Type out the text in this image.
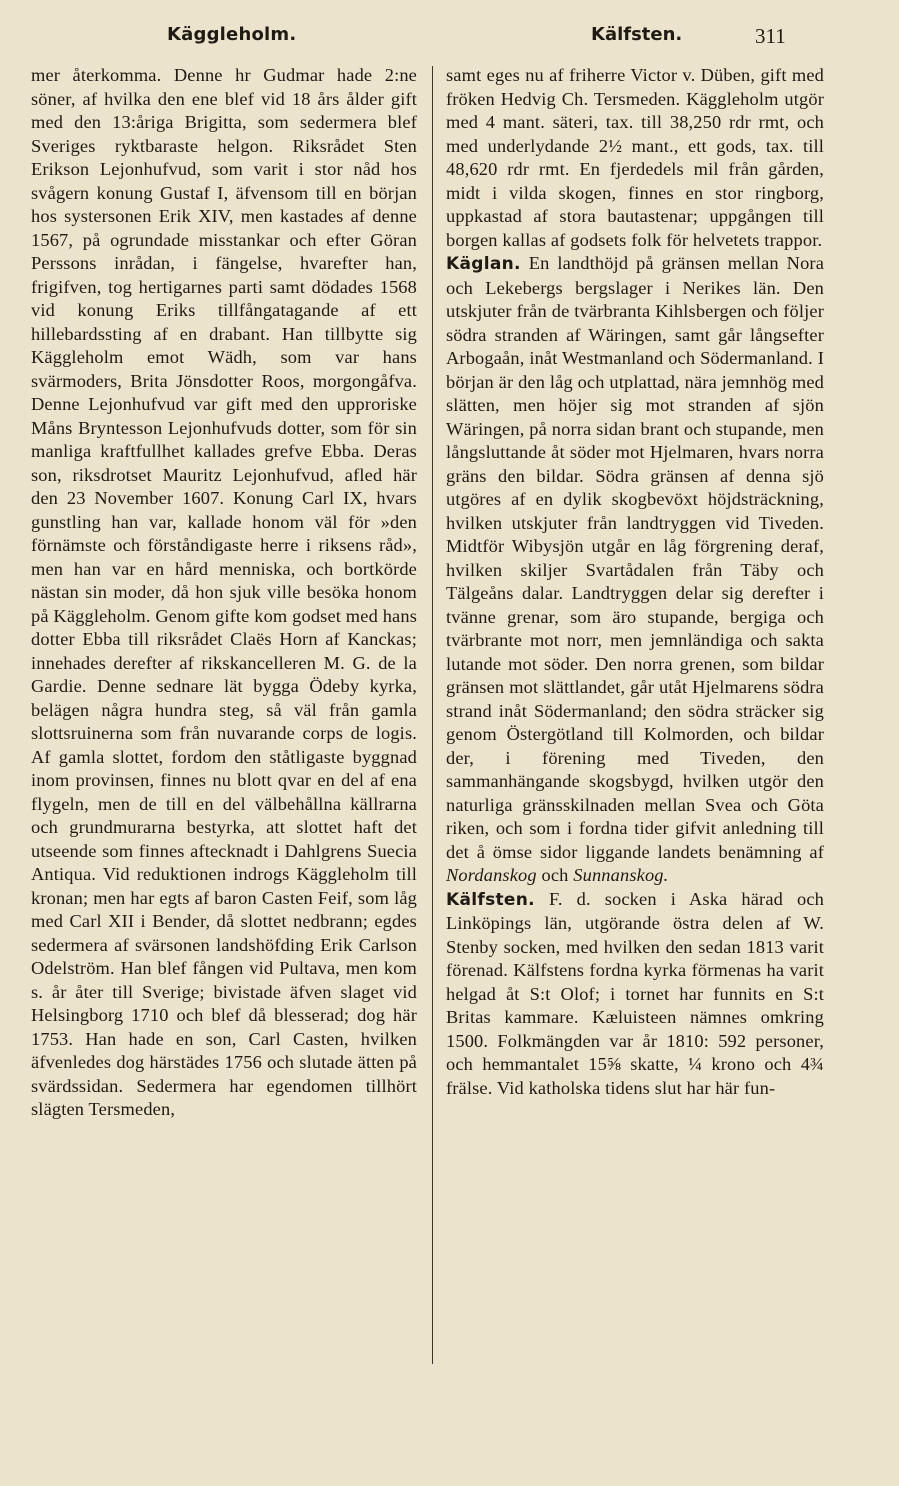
Käggleholm.	Kälfsten.	311

mer återkomma. Denne hr Gudmar hade 2:ne söner, af hvilka den ene blef vid 18 års ålder gift med den 13:åriga Brigitta, som sedermera blef Sveriges ryktbaraste helgon. Riksrådet Sten Erikson Lejonhufvud, som varit i stor nåd hos svågern konung Gustaf I, äfvensom till en början hos systersonen Erik XIV, men kastades af denne 1567, på ogrundade misstankar och efter Göran Perssons inrådan, i fängelse, hvarefter han, frigifven, tog hertigarnes parti samt dödades 1568 vid konung Eriks tillfångatagande af ett hillebardssting af en drabant. Han tillbytte sig Käggleholm emot Wädh, som var hans svärmoders, Brita Jönsdotter Roos, morgongåfva. Denne Lejonhufvud var gift med den upproriske Måns Bryntesson Lejonhufvuds dotter, som för sin manliga kraftfullhet kallades grefve Ebba. Deras son, riksdrotset Mauritz Lejonhufvud, afled här den 23 November 1607. Konung Carl IX, hvars gunstling han var, kallade honom väl för »den förnämste och förståndigaste herre i riksens råd», men han var en hård menniska, och bortkörde nästan sin moder, då hon sjuk ville besöka honom på Käggleholm. Genom gifte kom godset med hans dotter Ebba till riksrådet Claës Horn af Kanckas; innehades derefter af rikskancelleren M. G. de la Gardie. Denne sednare lät bygga Ödeby kyrka, belägen några hundra steg, så väl från gamla slottsruinerna som från nuvarande corps de logis. Af gamla slottet, fordom den ståtligaste byggnad inom provinsen, finnes nu blott qvar en del af ena flygeln, men de till en del välbehållna källrarna och grundmurarna bestyrka, att slottet haft det utseende som finnes aftecknadt i Dahlgrens Suecia Antiqua. Vid reduktionen indrogs Käggleholm till kronan; men har egts af baron Casten Feif, som låg med Carl XII i Bender, då slottet nedbrann; egdes sedermera af svärsonen landshöfding Erik Carlson Odelström. Han blef fången vid Pultava, men kom s. år åter till Sverige; bivistade äfven slaget vid Helsingborg 1710 och blef då blesserad; dog här 1753. Han hade en son, Carl Casten, hvilken äfvenledes dog härstädes 1756 och slutade ätten på svärdssidan. Sedermera har egendomen tillhört slägten Tersmeden,

samt eges nu af friherre Victor v. Düben, gift med fröken Hedvig Ch. Tersmeden. Käggleholm utgör med 4 mant. säteri, tax. till 38,250 rdr rmt, och med underlydande 2½ mant., ett gods, tax. till 48,620 rdr rmt. En fjerdedels mil från gården, midt i vilda skogen, finnes en stor ringborg, uppkastad af stora bautastenar; uppgången till borgen kallas af godsets folk för helvetets trappor.

Käglan. En landthöjd på gränsen mellan Nora och Lekebergs bergslager i Nerikes län. Den utskjuter från de tvärbranta Kihlsbergen och följer södra stranden af Wäringen, samt går långsefter Arbogaån, inåt Westmanland och Södermanland. I början är den låg och utplattad, nära jemnhög med slätten, men höjer sig mot stranden af sjön Wäringen, på norra sidan brant och stupande, men långsluttande åt söder mot Hjelmaren, hvars norra gräns den bildar. Södra gränsen af denna sjö utgöres af en dylik skogbevöxt höjdsträckning, hvilken utskjuter från landtryggen vid Tiveden. Midtför Wibysjön utgår en låg förgrening deraf, hvilken skiljer Svartådalen från Täby och Tälgeåns dalar. Landtryggen delar sig derefter i tvänne grenar, som äro stupande, bergiga och tvärbrante mot norr, men jemnländiga och sakta lutande mot söder. Den norra grenen, som bildar gränsen mot slättlandet, går utåt Hjelmarens södra strand inåt Södermanland; den södra sträcker sig genom Östergötland till Kolmorden, och bildar der, i förening med Tiveden, den sammanhängande skogsbygd, hvilken utgör den naturliga gränsskilnaden mellan Svea och Göta riken, och som i fordna tider gifvit anledning till det å ömse sidor liggande landets benämning af Nordanskog och Sunnanskog.

Kälfsten. F. d. socken i Aska härad och Linköpings län, utgörande östra delen af W. Stenby socken, med hvilken den sedan 1813 varit förenad. Kälfstens fordna kyrka förmenas ha varit helgad åt S:t Olof; i tornet har funnits en S:t Britas kammare. Kæluisteen nämnes omkring 1500. Folkmängden var år 1810: 592 personer, och hemmantalet 15⅝ skatte, ¼ krono och 4¾ frälse. Vid katholska tidens slut har här fun-
